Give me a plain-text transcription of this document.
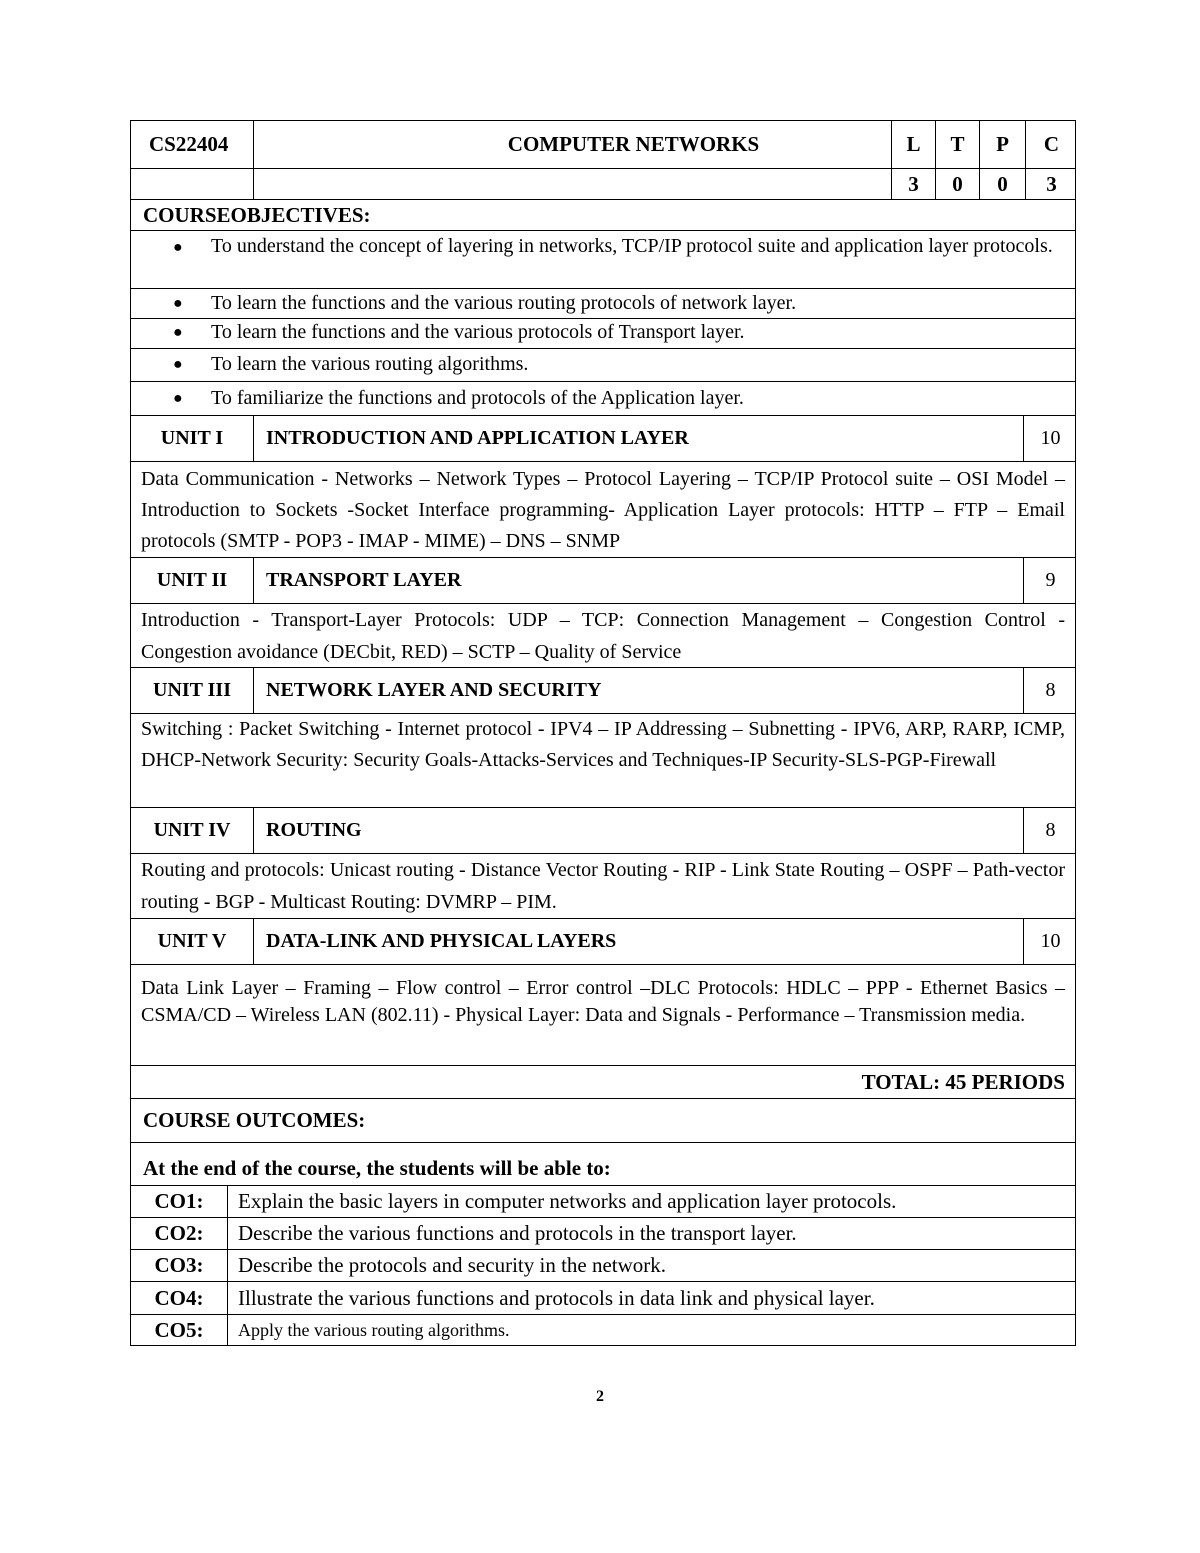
CS22404	COMPUTER NETWORKS	L	T	P	C
3	0	0	3
COURSEOBJECTIVES:
● To understand the concept of layering in networks, TCP/IP protocol suite and application layer protocols.
● To learn the functions and the various routing protocols of network layer.
● To learn the functions and the various protocols of Transport layer.
● To learn the various routing algorithms.
● To familiarize the functions and protocols of the Application layer.
UNIT I	INTRODUCTION AND APPLICATION LAYER	10
Data Communication - Networks – Network Types – Protocol Layering – TCP/IP Protocol suite – OSI Model – Introduction to Sockets -Socket Interface programming- Application Layer protocols: HTTP – FTP – Email protocols (SMTP - POP3 - IMAP - MIME) – DNS – SNMP
UNIT II	TRANSPORT LAYER	9
Introduction - Transport-Layer Protocols: UDP – TCP: Connection Management – Congestion Control - Congestion avoidance (DECbit, RED) – SCTP – Quality of Service
UNIT III	NETWORK LAYER AND SECURITY	8
Switching : Packet Switching - Internet protocol - IPV4 – IP Addressing – Subnetting - IPV6, ARP, RARP, ICMP, DHCP-Network Security: Security Goals-Attacks-Services and Techniques-IP Security-SLS-PGP-Firewall
UNIT IV	ROUTING	8
Routing and protocols: Unicast routing - Distance Vector Routing - RIP - Link State Routing – OSPF – Path-vector routing - BGP - Multicast Routing: DVMRP – PIM.
UNIT V	DATA-LINK AND PHYSICAL LAYERS	10
Data Link Layer – Framing – Flow control – Error control –DLC Protocols: HDLC – PPP - Ethernet Basics – CSMA/CD – Wireless LAN (802.11) - Physical Layer: Data and Signals - Performance – Transmission media.
TOTAL: 45 PERIODS
COURSE OUTCOMES:
At the end of the course, the students will be able to:
CO1:	Explain the basic layers in computer networks and application layer protocols.
CO2:	Describe the various functions and protocols in the transport layer.
CO3:	Describe the protocols and security in the network.
CO4:	Illustrate the various functions and protocols in data link and physical layer.
CO5:	Apply the various routing algorithms.
2
